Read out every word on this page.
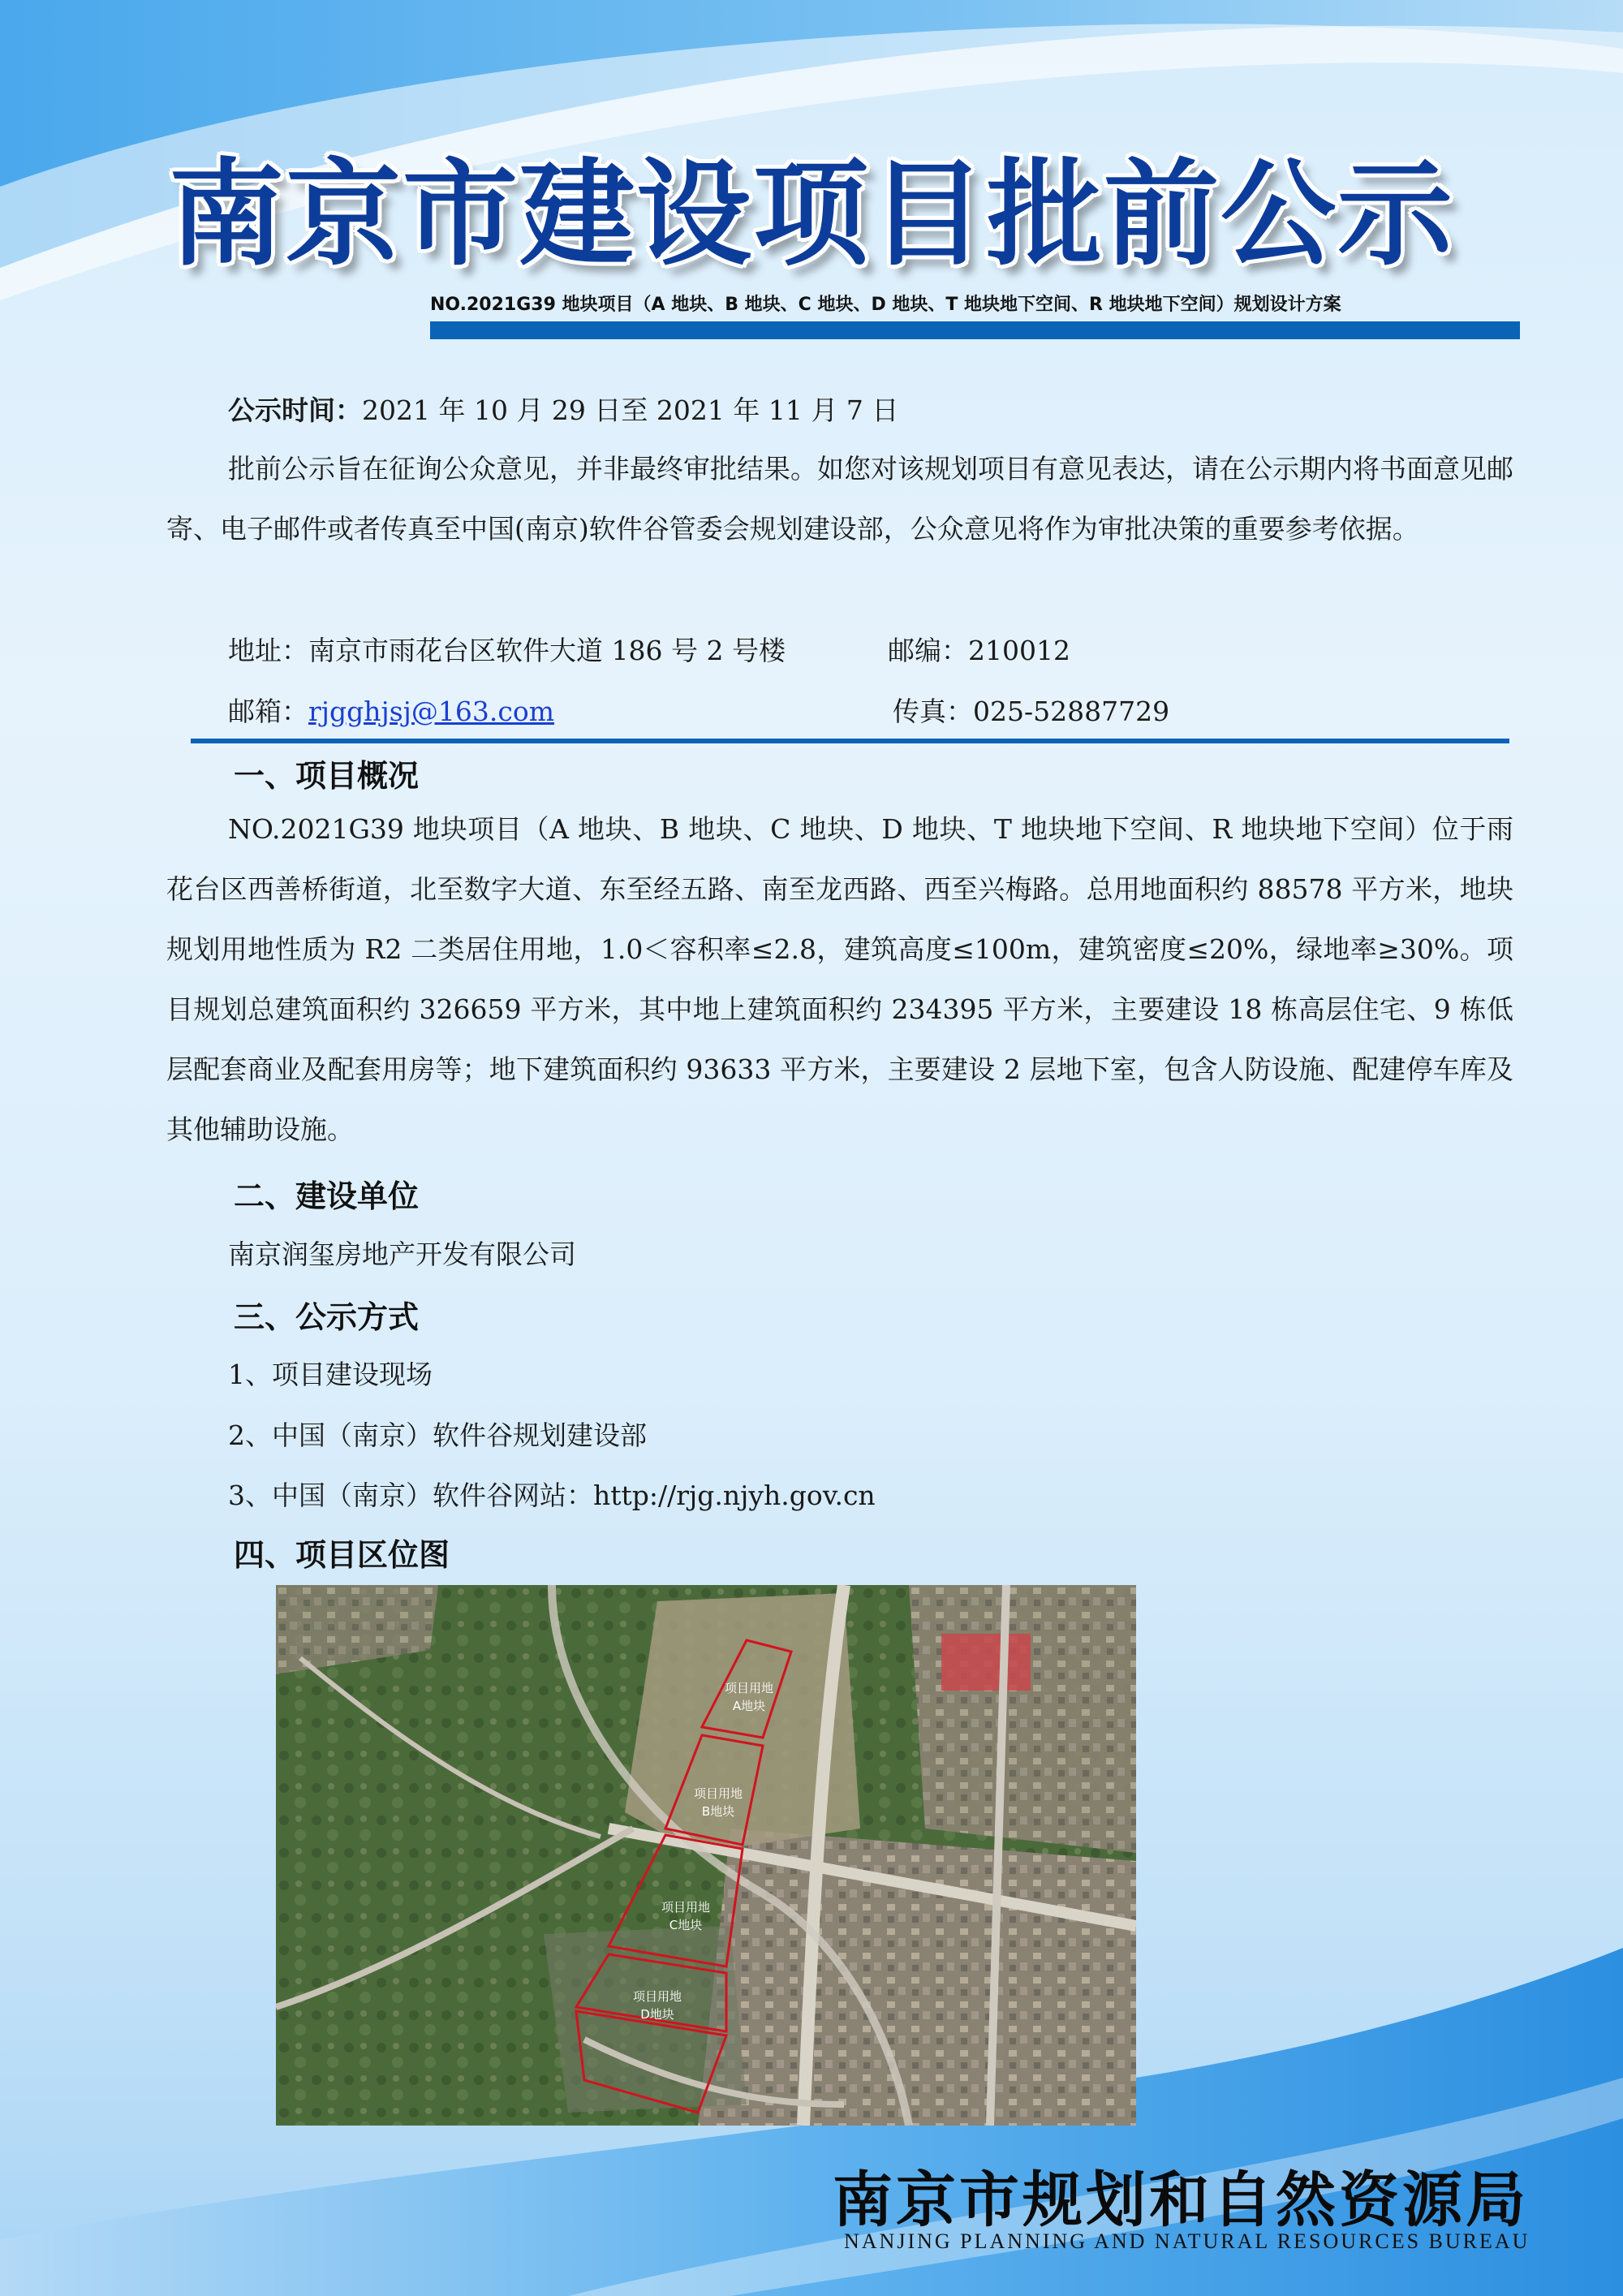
南京市建设项目批前公示
NO.2021G39 地块项目（A 地块、B 地块、C 地块、D 地块、T 地块地下空间、R 地块地下空间）规划设计方案
公示时间：2021 年 10 月 29 日至 2021 年 11 月 7 日
批前公示旨在征询公众意见，并非最终审批结果。如您对该规划项目有意见表达，请在公示期内将书面意见邮寄、电子邮件或者传真至中国(南京)软件谷管委会规划建设部，公众意见将作为审批决策的重要参考依据。
地址：南京市雨花台区软件大道 186 号 2 号楼	邮编：210012
邮箱：rjgghjsj@163.com	传真：025-52887729
一、项目概况
NO.2021G39 地块项目（A 地块、B 地块、C 地块、D 地块、T 地块地下空间、R 地块地下空间）位于雨花台区西善桥街道，北至数字大道、东至经五路、南至龙西路、西至兴梅路。总用地面积约 88578 平方米，地块规划用地性质为 R2 二类居住用地，1.0＜容积率≤2.8，建筑高度≤100m，建筑密度≤20%，绿地率≥30%。项目规划总建筑面积约 326659 平方米，其中地上建筑面积约 234395 平方米，主要建设 18 栋高层住宅、9 栋低层配套商业及配套用房等；地下建筑面积约 93633 平方米，主要建设 2 层地下室，包含人防设施、配建停车库及其他辅助设施。
二、建设单位
南京润玺房地产开发有限公司
三、公示方式
1、项目建设现场
2、中国（南京）软件谷规划建设部
3、中国（南京）软件谷网站：http://rjg.njyh.gov.cn
四、项目区位图
项目用地
A地块
项目用地
B地块
项目用地
C地块
项目用地
D地块
南京市规划和自然资源局
NANJING PLANNING AND NATURAL RESOURCES BUREAU
